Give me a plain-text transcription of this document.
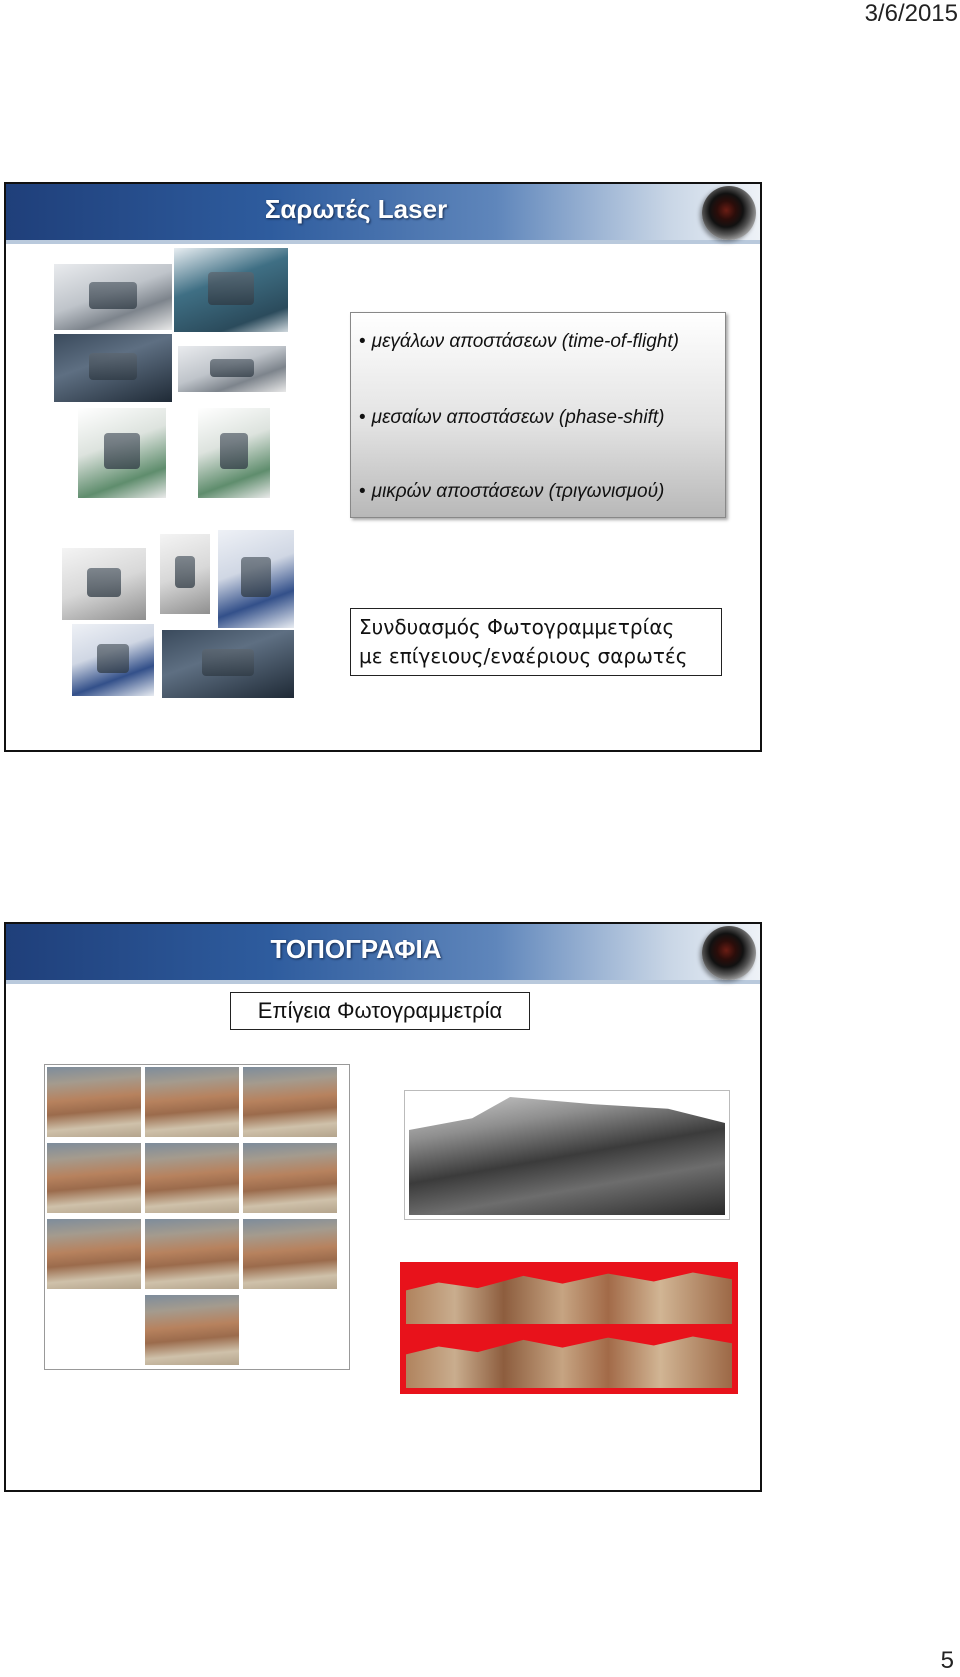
3/6/2015
Σαρωτές Laser
• μεγάλων αποστάσεων (time-of-flight)
• μεσαίων αποστάσεων (phase-shift)
• μικρών αποστάσεων (τριγωνισμού)
Συνδυασμός Φωτογραμμετρίας
με επίγειους/εναέριους σαρωτές
ΤΟΠΟΓΡΑΦΙΑ
Επίγεια Φωτογραμμετρία
5
